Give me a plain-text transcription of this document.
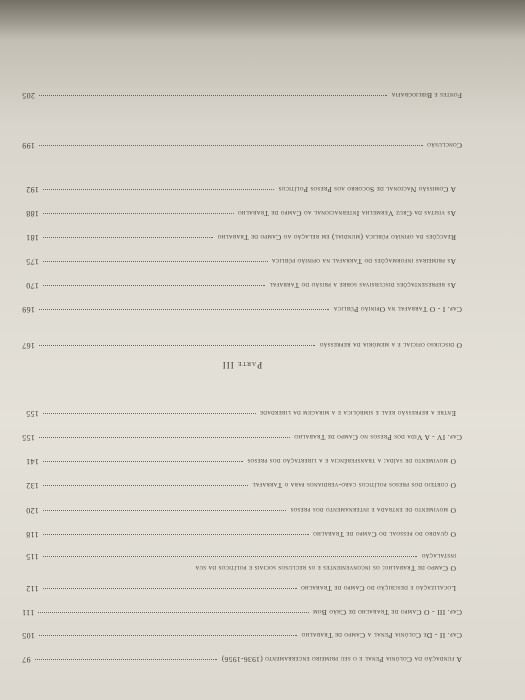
A fundação da Colónia Penal e o seu primeiro encerramento (1936-1956)
97
Cap. II - De Colónia Penal a Campo de Trabalho
105
Cap. III - O Campo de Trabalho de Chão Bom
111
Localização e descrição do Campo de Trabalho
112
O Campo de Trabalho: os inconvenientes e os reclusos sociais e políticos da sua
instalação
115
O quadro do pessoal do Campo de Trabalho
118
O movimento de entrada e internamento dos presos
120
O cortejo dos presos políticos cabo-verdianos para o Tarrafal
132
O movimento de saída: a transferência e a libertação dos presos
141
Cap. IV - A Vida dos Presos no Campo de Trabalho
155
Entre a repressão real e simbólica e a miragem da liberdade
155
Parte III
O discurso oficial e a memória da repressão
167
Cap. I - O Tarrafal na Opinião Pública
169
As representações discursivas sobre a prisão do Tarrafal
170
As primeiras informações do Tarrafal na opinião pública
175
Reacções da opinião pública (mundial) em relação ao Campo de Trabalho
181
As visitas da Cruz Vermelha Internacional ao Campo de Trabalho
188
A Comissão Nacional de Socorro aos Presos Políticos
192
Conclusão
199
Fontes e Bibliografia
205
